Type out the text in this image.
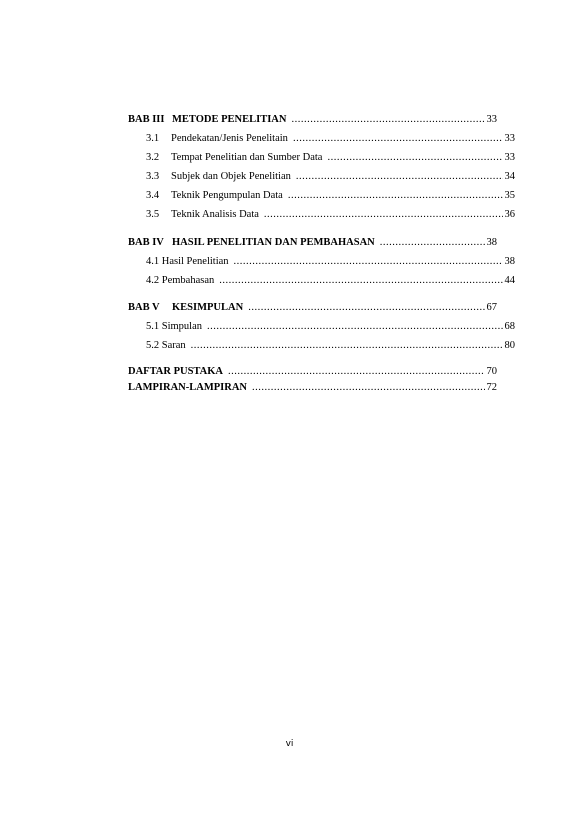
BAB III METODE PENELITIAN .....	33
3.1	Pendekatan/Jenis Penelitain .....	33
3.2	Tempat Penelitian dan Sumber Data .....	33
3.3	Subjek dan Objek Penelitian .....	34
3.4	Teknik Pengumpulan Data .....	35
3.5	Teknik Analisis Data .....	36
BAB IV HASIL PENELITIAN DAN PEMBAHASAN .....	38
4.1 Hasil Penelitian .....	38
4.2 Pembahasan .....	44
BAB V	KESIMPULAN .....	67
5.1 Simpulan .....	68
5.2 Saran .....	80
DAFTAR PUSTAKA .....	70
LAMPIRAN-LAMPIRAN .....	72
vi
